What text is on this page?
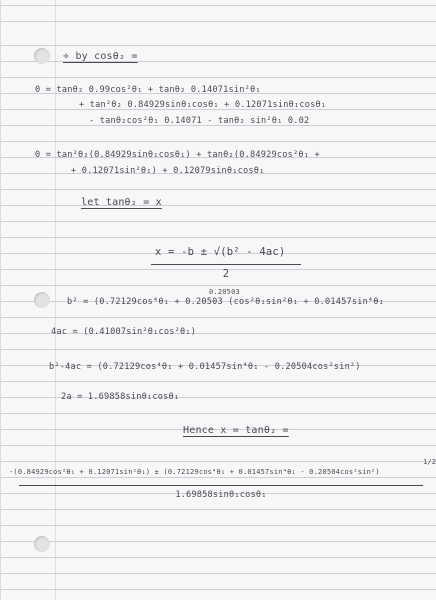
÷ by cosθ₂ =
0 = tanθ₂ 0.99cos²θ₁ + tanθ₂ 0.14071sin²θ₁
+ tan²θ₂ 0.84929sinθ₁cosθ₁ + 0.12071sinθ₁cosθ₁
- tanθ₂cos²θ₁ 0.14071 - tanθ₂ sin²θ₁ 0.02
0 = tan²θ₂(0.84929sinθ₁cosθ₁) + tanθ₂(0.84929cos²θ₁ +
+ 0.12071sin²θ₁) + 0.12079sinθ₁cosθ₁
let tanθ₂ = x
x = -b ± √(b² - 4ac)
2
0.20503
b² = (0.72129cos⁴θ₁ + 0.20503 (cos²θ₁sin²θ₁ + 0.01457sin⁴θ₁
4ac = (0.41007sin²θ₁cos²θ₁)
b²-4ac = (0.72129cos⁴θ₁ + 0.01457sin⁴θ₁ - 0.20504cos²sin²)
2a = 1.69858sinθ₁cosθ₁
Hence x = tanθ₂ =
1/2
-(0.84929cos²θ₁ + 0.12071sin²θ₁) ± (0.72129cos⁴θ₁ + 0.01457sin⁴θ₁ - 0.20504cos²sin²)
1.69858sinθ₁cosθ₁
